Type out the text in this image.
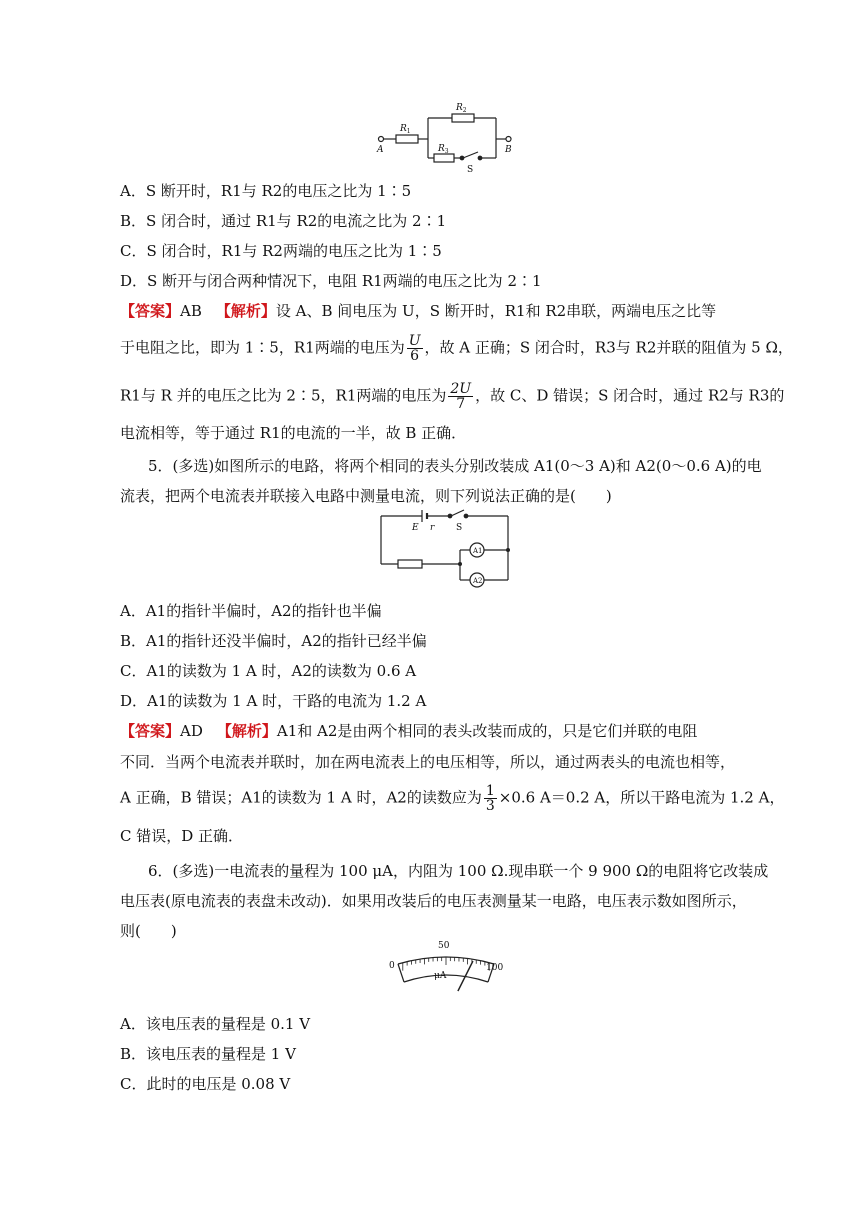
$R_1$
$R_2$
$R_3$
A	B
S
A．S 断开时，R1与 R2的电压之比为 1∶5
B．S 闭合时，通过 R1与 R2的电流之比为 2∶1
C．S 闭合时，R1与 R2两端的电压之比为 1∶5
D．S 断开与闭合两种情况下，电阻 R1两端的电压之比为 2∶1
【答案】AB 【解析】设 A、B 间电压为 U，S 断开时，R1和 R2串联，两端电压之比等
于电阻之比，即为 1∶5，R1两端的电压为 $\frac{U}{6}$ ，故 A 正确；S 闭合时，R3与 R2并联的阻值为 5 Ω，
R1与 R 并的电压之比为 2∶5，R1两端的电压为 $\frac{2U}{7}$ ，故 C、D 错误；S 闭合时，通过 R2与 R3的
电流相等，等于通过 R1的电流的一半，故 B 正确．
5．(多选)如图所示的电路，将两个相同的表头分别改装成 A1(0～3 A)和 A2(0～0.6 A)的电
流表，把两个电流表并联接入电路中测量电流，则下列说法正确的是(　　)
E r S
A1
A2
A．A1的指针半偏时，A2的指针也半偏
B．A1的指针还没半偏时，A2的指针已经半偏
C．A1的读数为 1 A 时，A2的读数为 0.6 A
D．A1的读数为 1 A 时，干路的电流为 1.2 A
【答案】AD 【解析】A1和 A2是由两个相同的表头改装而成的，只是它们并联的电阻
不同．当两个电流表并联时，加在两电流表上的电压相等，所以，通过两表头的电流也相等，
A 正确，B 错误；A1的读数为 1 A 时，A2的读数应为 $\frac{1}{3} \times 0.6$ A＝0.2 A，所以干路电流为 1.2 A，
C 错误，D 正确．
6．(多选)一电流表的量程为 100 μA，内阻为 100 Ω.现串联一个 9 900 Ω的电阻将它改装成
电压表(原电流表的表盘未改动)．如果用改装后的电压表测量某一电路，电压表示数如图所示，
则(　　)
0
50
100
μA
A．该电压表的量程是 0.1 V
B．该电压表的量程是 1 V
C．此时的电压是 0.08 V
